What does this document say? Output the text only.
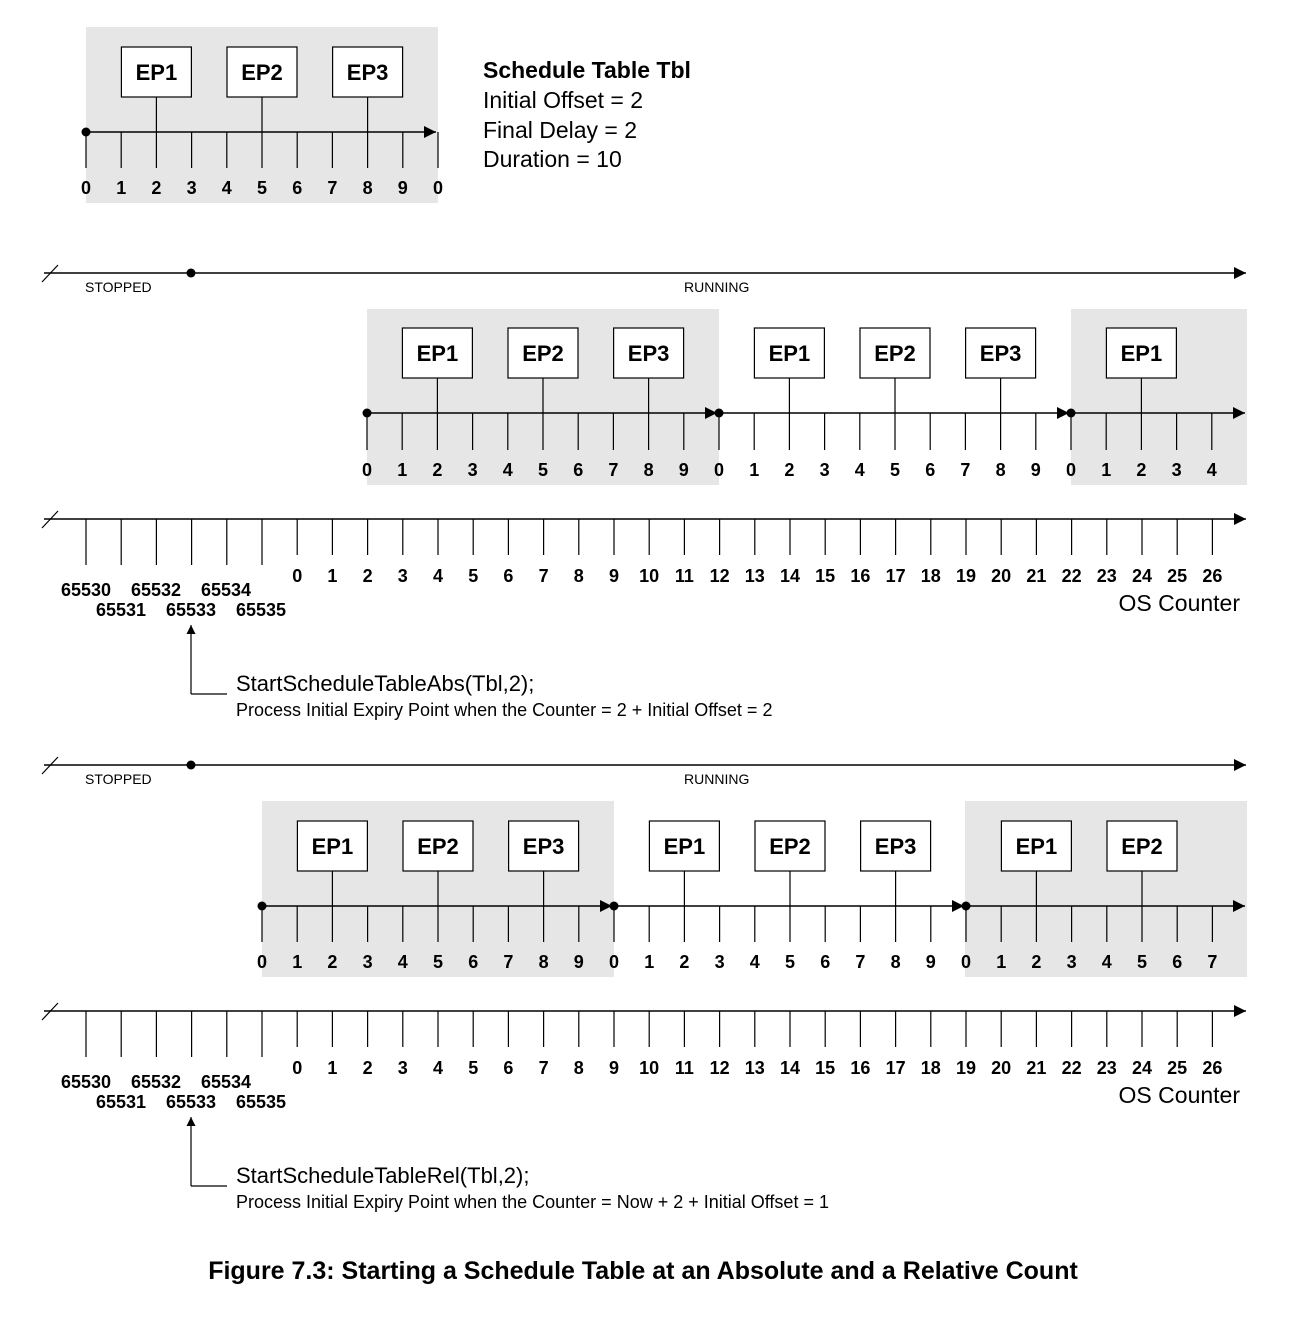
0 1 2 3 4 5 6 7 8 9 0
EP1	EP2	EP3	Schedule Table Tbl
Initial Offset = 2
Final Delay = 2
Duration = 10
STOPPED	RUNNING
0 1 2 3 4 5 6 7 8 9 0 1 2 3 4 5 6 7 8 9 0 1 2 3 4
EP1	EP2	EP3	EP1	EP2	EP3	EP1
0 1 2 3 4 5 6 7 8 9 10 11 12 13 14 15 16 17 18 19 20 21 22 23 24 25 26
65530 65532 65534
65531 65533 65535	OS Counter
StartScheduleTableAbs(Tbl,2);
Process Initial Expiry Point when the Counter = 2 + Initial Offset = 2
STOPPED	RUNNING
0 1 2 3 4 5 6 7 8 9 0 1 2 3 4 5 6 7 8 9 0 1 2 3 4 5 6 7
EP1	EP2	EP3	EP1	EP2	EP3	EP1	EP2
0 1 2 3 4 5 6 7 8 9 10 11 12 13 14 15 16 17 18 19 20 21 22 23 24 25 26
65530 65532 65534
65531 65533 65535	OS Counter
StartScheduleTableRel(Tbl,2);
Process Initial Expiry Point when the Counter = Now + 2 + Initial Offset = 1
Figure 7.3: Starting a Schedule Table at an Absolute and a Relative Count
